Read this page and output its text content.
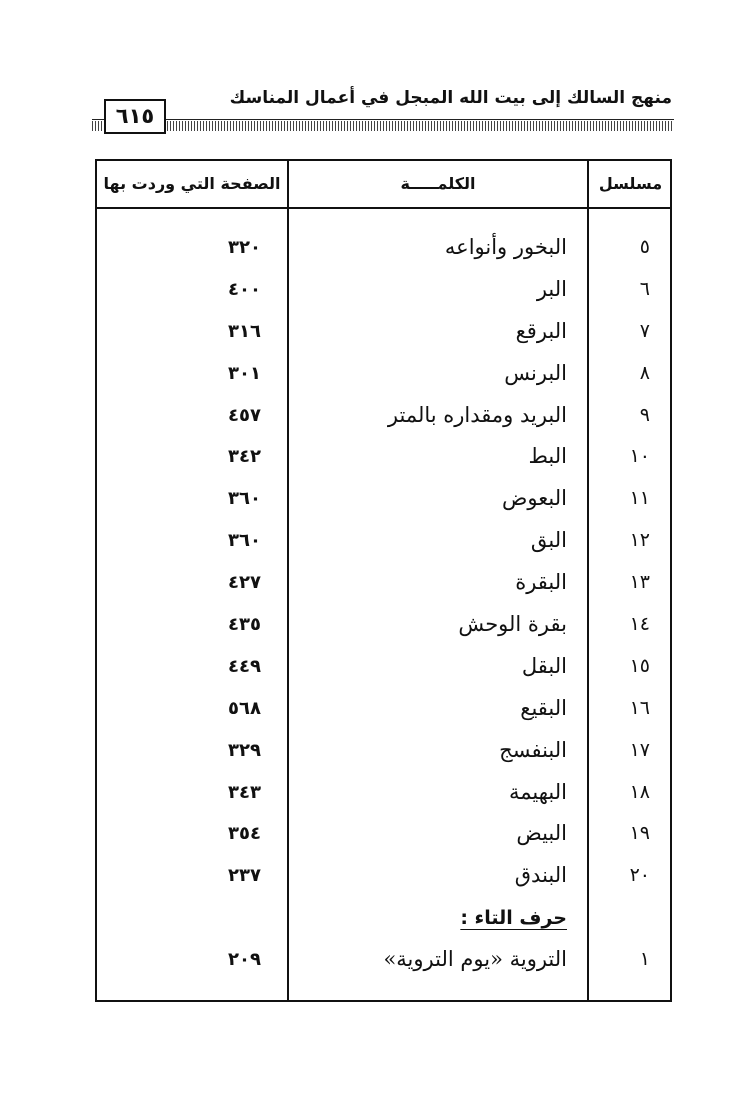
منهج السالك إلى بيت الله المبجل في أعمال المناسك
٦١٥
مسلسل
الكلمـــــة
الصفحة التي وردت بها
٥
البخور وأنواعه
٣٢٠
٦
البر
٤٠٠
٧
البرقع
٣١٦
٨
البرنس
٣٠١
٩
البريد ومقداره بالمتر
٤٥٧
١٠
البط
٣٤٢
١١
البعوض
٣٦٠
١٢
البق
٣٦٠
١٣
البقرة
٤٢٧
١٤
بقرة الوحش
٤٣٥
١٥
البقل
٤٤٩
١٦
البقيع
٥٦٨
١٧
البنفسج
٣٢٩
١٨
البهيمة
٣٤٣
١٩
البيض
٣٥٤
٢٠
البندق
٢٣٧
حرف التاء :
١
التروية «يوم التروية»
٢٠٩
